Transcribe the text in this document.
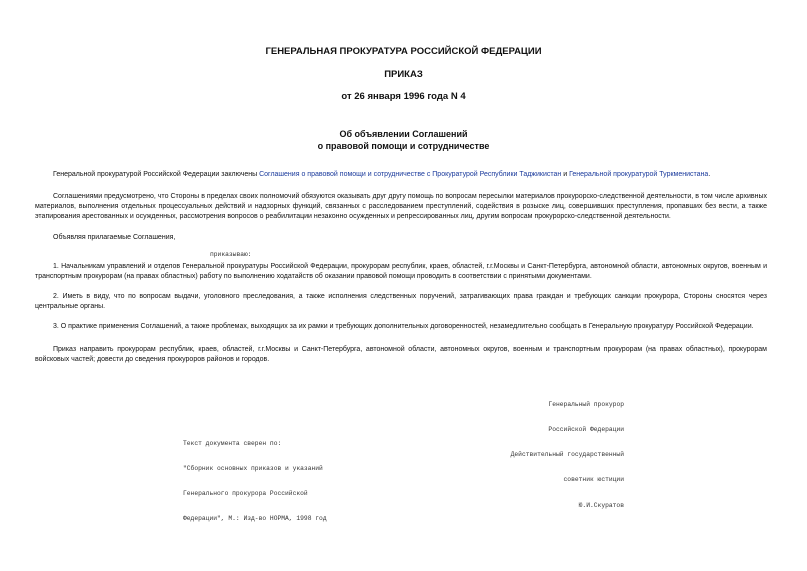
ГЕНЕРАЛЬНАЯ ПРОКУРАТУРА РОССИЙСКОЙ ФЕДЕРАЦИИ
ПРИКАЗ
от 26 января 1996 года N 4
Об объявлении Соглашений
о правовой помощи и сотрудничестве
Генеральной прокуратурой Российской Федерации заключены Соглашения о правовой помощи и сотрудничестве с Прокуратурой Республики Таджикистан и Генеральной прокуратурой Туркменистана.
Соглашениями предусмотрено, что Стороны в пределах своих полномочий обязуются оказывать друг другу помощь по вопросам пересылки материалов прокурорско-следственной деятельности, в том числе архивных материалов, выполнения отдельных процессуальных действий и надзорных функций, связанных с расследованием преступлений, содействия в розыске лиц, совершивших преступления, пропавших без вести, а также этапирования арестованных и осужденных, рассмотрения вопросов о реабилитации незаконно осужденных и репрессированных лиц, другим вопросам прокурорско-следственной деятельности.
Объявляя прилагаемые Соглашения,
приказываю:
1. Начальникам управлений и отделов Генеральной прокуратуры Российской Федерации, прокурорам республик, краев, областей, г.г.Москвы и Санкт-Петербурга, автономной области, автономных округов, военным и транспортным прокурорам (на правах областных) работу по выполнению ходатайств об оказании правовой помощи проводить в соответствии с принятыми документами.
2. Иметь в виду, что по вопросам выдачи, уголовного преследования, а также исполнения следственных поручений, затрагивающих права граждан и требующих санкции прокурора, Стороны сносятся через центральные органы.
3. О практике применения Соглашений, а также проблемах, выходящих за их рамки и требующих дополнительных договоренностей, незамедлительно сообщать в Генеральную прокуратуру Российской Федерации.
Приказ направить прокурорам республик, краев, областей, г.г.Москвы и Санкт-Петербурга, автономной области, автономных округов, военным и транспортным прокурорам (на правах областных), прокурорам войсковых частей; довести до сведения прокуроров районов и городов.

Генеральный прокурор

Российской Федерации

Действительный государственный

советник юстиции

Ю.И.Скуратов

Текст документа сверен по:

"Сборник основных приказов и указаний

Генерального прокурора Российской

Федерации", М.: Изд-во НОРМА, 1998 год
